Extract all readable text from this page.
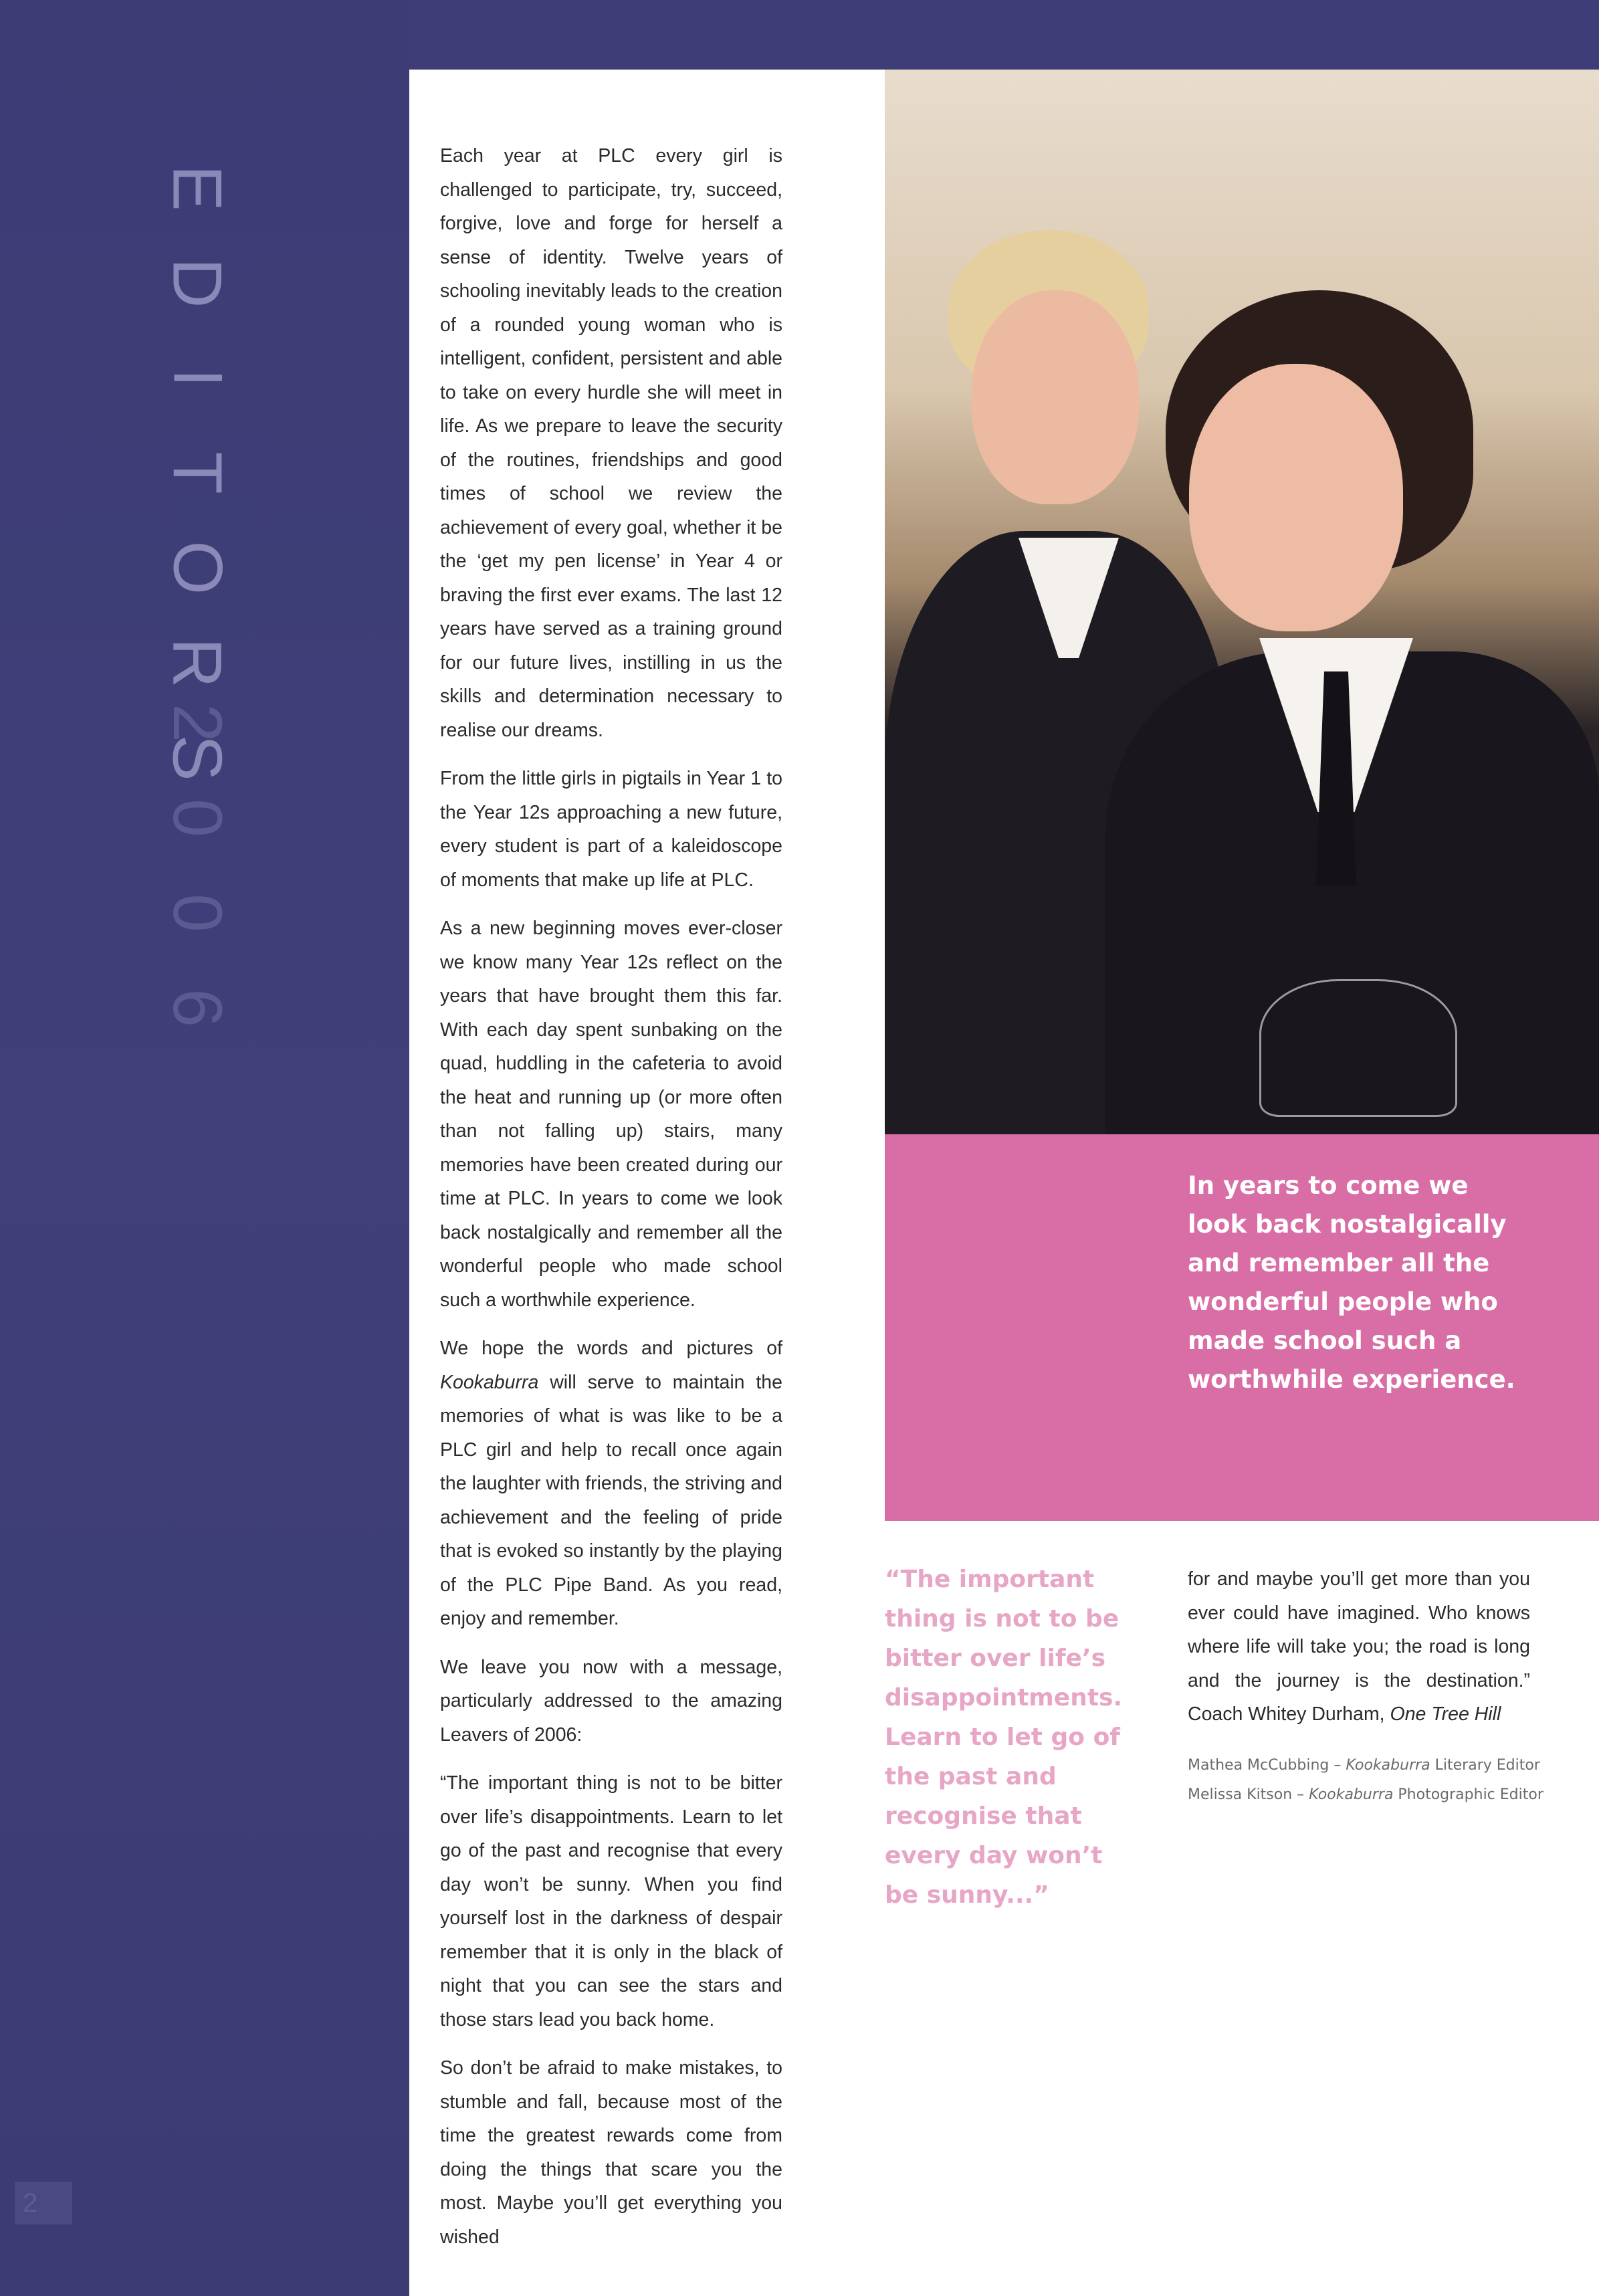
E
D
I
T
O
R
S
2
0
0
6
2

Each year at PLC every girl is challenged to participate, try, succeed, forgive, love and forge for herself a sense of identity. Twelve years of schooling inevitably leads to the creation of a rounded young woman who is intelligent, confident, persistent and able to take on every hurdle she will meet in life. As we prepare to leave the security of the routines, friendships and good times of school we review the achievement of every goal, whether it be the ‘get my pen license’ in Year 4 or braving the first ever exams. The last 12 years have served as a training ground for our future lives, instilling in us the skills and determination necessary to realise our dreams.

From the little girls in pigtails in Year 1 to the Year 12s approaching a new future, every student is part of a kaleidoscope of moments that make up life at PLC.

As a new beginning moves ever-closer we know many Year 12s reflect on the years that have brought them this far. With each day spent sunbaking on the quad, huddling in the cafeteria to avoid the heat and running up (or more often than not falling up) stairs, many memories have been created during our time at PLC. In years to come we look back nostalgically and remember all the wonderful people who made school such a worthwhile experience.

We hope the words and pictures of Kookaburra will serve to maintain the memories of what is was like to be a PLC girl and help to recall once again the laughter with friends, the striving and achievement and the feeling of pride that is evoked so instantly by the playing of the PLC Pipe Band. As you read, enjoy and remember.

We leave you now with a message, particularly addressed to the amazing Leavers of 2006:

“The important thing is not to be bitter over life’s disappointments. Learn to let go of the past and recognise that every day won’t be sunny. When you find yourself lost in the darkness of despair remember that it is only in the black of night that you can see the stars and those stars lead you back home.

So don’t be afraid to make mistakes, to stumble and fall, because most of the time the greatest rewards come from doing the things that scare you the most. Maybe you’ll get everything you wished

In years to come we look back nostalgically and remember all the wonderful people who made school such a worthwhile experience.
“The important thing is not to be bitter over life’s disappointments. Learn to let go of the past and recognise that every day won’t be sunny...”

for and maybe you’ll get more than you ever could have imagined. Who knows where life will take you; the road is long and the journey is the destination.” Coach Whitey Durham, One Tree Hill

Mathea McCubbing – Kookaburra Literary Editor
Melissa Kitson – Kookaburra Photographic Editor
